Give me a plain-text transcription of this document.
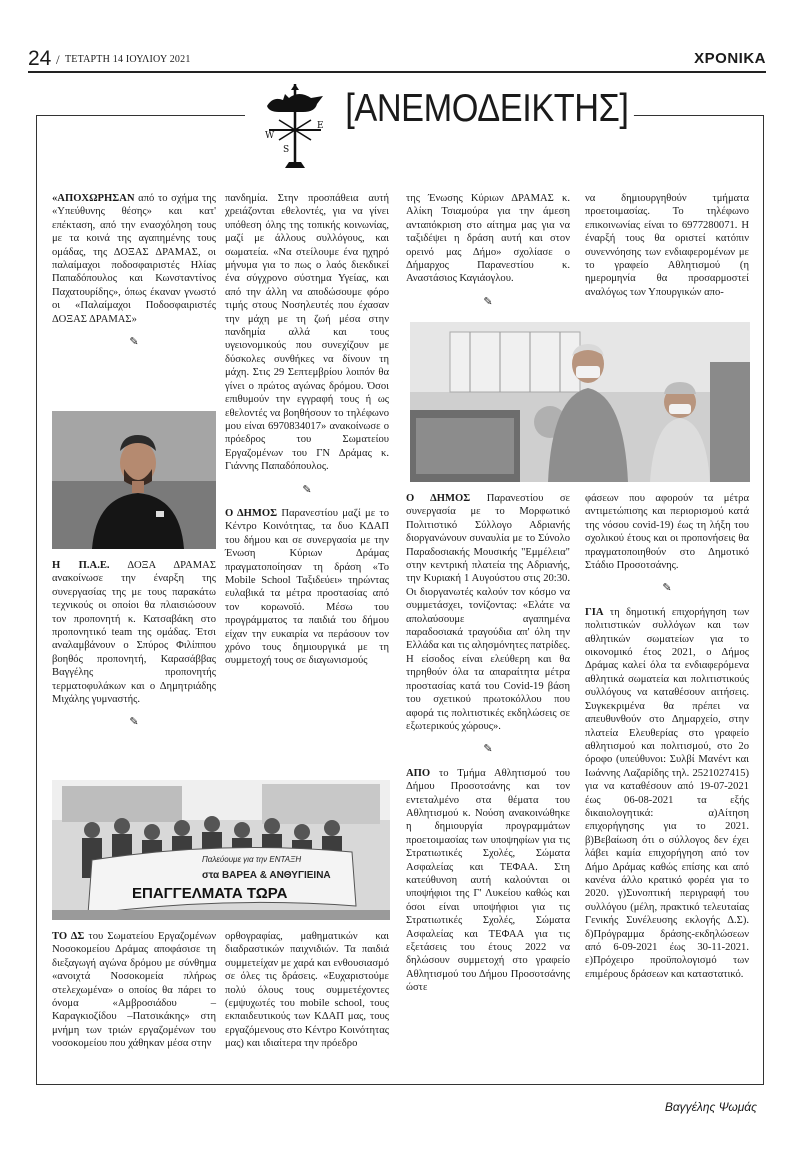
24 / ΤΕΤΑΡΤΗ 14 ΙΟΥΛΙΟΥ 2021	ΧΡΟΝΙΚΑ
W
E
S
[ΑΝΕΜΟΔΕΙΚΤΗΣ]

«ΑΠΟΧΩΡΗΣΑΝ από το σχήμα της «Υπεύθυνης θέσης» και κατ' επέκταση, από την ενασχόληση τους με τα κοινά της αγαπημένης τους ομάδας, της ΔΟΞΑΣ ΔΡΑΜΑΣ, οι παλαίμαχοι ποδοσφαιριστές Ηλίας Παπαδόπουλος και Κωνσταντίνος Παχατουρίδης», όπως έκαναν γνωστό οι «Παλαίμαχοι Ποδοσφαιριστές ΔΟΞΑΣ ΔΡΑΜΑΣ»

✎

Η Π.Α.Ε. ΔΟΞΑ ΔΡΑΜΑΣ ανακοίνωσε την έναρξη της συνεργασίας της με τους παρακάτω τεχνικούς οι οποίοι θα πλαισιώσουν τον προπονητή κ. Κατσαβάκη στο προπονητικό team της ομάδας. Έτσι αναλαμβάνουν ο Σπύρος Φιλίππου βοηθός προπονητή, Καρασάββας Βαγγέλης προπονητής τερματοφυλάκων και ο Δημητριάδης Μιχάλης γυμναστής.

✎

πανδημία. Στην προσπάθεια αυτή χρειάζονται εθελοντές, για να γίνει υπόθεση όλης της τοπικής κοινωνίας, μαζί με άλλους συλλόγους, και σωματεία. «Να στείλουμε ένα ηχηρό μήνυμα για το πως ο λαός διεκδικεί ένα σύγχρονο σύστημα Υγείας, και από την άλλη να αποδώσουμε φόρο τιμής στους Νοσηλευτές που έχασαν την μάχη με τη ζωή μέσα στην πανδημία αλλά και τους υγειονομικούς που συνεχίζουν με δύσκολες συνθήκες να δίνουν τη μάχη. Στις 29 Σεπτεμβρίου λοιπόν θα γίνει ο πρώτος αγώνας δρόμου. Όσοι επιθυμούν την εγγραφή τους ή ως εθελοντές να βοηθήσουν το τηλέφωνο μου είναι 6970834017» ανακοίνωσε ο πρόεδρος του Σωματείου Εργαζομένων του ΓΝ Δράμας κ. Γιάννης Παπαδόπουλος.

✎

Ο ΔΗΜΟΣ Παρανεστίου μαζί με το Κέντρο Κοινότητας, τα δυο ΚΔΑΠ του δήμου και σε συνεργασία με την Ένωση Κύριων Δράμας πραγματοποίησαν τη δράση «Το Mobile School Ταξιδεύει» τηρώντας ευλαβικά τα μέτρα προστασίας από τον κορωνοϊό. Μέσω του προγράμματος τα παιδιά του δήμου είχαν την ευκαιρία να περάσουν τον χρόνο τους δημιουργικά με τη συμμετοχή τους σε διαγωνισμούς

Παλεύουμε για την ΕΝΤΑΞΗ
στα ΒΑΡΕΑ & ΑΝΘΥΓΙΕΙΝΑ
ΕΠΑΓΓΕΛΜΑΤΑ ΤΩΡΑ

ΤΟ ΔΣ του Σωματείου Εργαζομένων Νοσοκομείου Δράμας αποφάσισε τη διεξαγωγή αγώνα δρόμου με σύνθημα «ανοιχτά Νοσοκομεία πλήρως στελεχωμένα» ο οποίος θα πάρει το όνομα «Αμβροσιάδου – Καραγκιοζίδου –Πατσικάκης» στη μνήμη των τριών εργαζομένων του νοσοκομείου που χάθηκαν μέσα στην

ορθογραφίας, μαθηματικών και διαδραστικών παιχνιδιών. Τα παιδιά συμμετείχαν με χαρά και ενθουσιασμό σε όλες τις δράσεις. «Ευχαριστούμε πολύ όλους τους συμμετέχοντες (εμψυχωτές του mobile school, τους εκπαιδευτικούς των ΚΔΑΠ μας, τους εργαζόμενους στο Κέντρο Κοινότητας μας) και ιδιαίτερα την πρόεδρο

της Ένωσης Κύριων ΔΡΑΜΑΣ κ. Αλίκη Τσιαμούρα για την άμεση ανταπόκριση στο αίτημα μας για να ταξιδέψει η δράση αυτή και στον ορεινό μας Δήμο» σχολίασε ο Δήμαρχος Παρανεστίου κ. Αναστάσιος Καγιάογλου.

✎

να δημιουργηθούν τμήματα προετοιμασίας. Το τηλέφωνο επικοινωνίας είναι το 6977280071. Η έναρξή τους θα οριστεί κατόπιν συνεννόησης των ενδιαφερομένων με το γραφείο Αθλητισμού (η ημερομηνία θα προσαρμοστεί αναλόγως των Υπουργικών απο-

Ο ΔΗΜΟΣ Παρανεστίου σε συνεργασία με το Μορφωτικό Πολιτιστικό Σύλλογο Αδριανής διοργανώνουν συναυλία με το Σύνολο Παραδοσιακής Μουσικής "Εμμέλεια" στην κεντρική πλατεία της Αδριανής, την Κυριακή 1 Αυγούστου στις 20:30. Οι διοργανωτές καλούν τον κόσμο να συμμετάσχει, τονίζοντας: «Ελάτε να απολαύσουμε αγαπημένα παραδοσιακά τραγούδια απ' όλη την Ελλάδα και τις αλησμόνητες πατρίδες. Η είσοδος είναι ελεύθερη και θα τηρηθούν όλα τα απαραίτητα μέτρα προστασίας κατά του Covid-19 βάση του σχετικού πρωτοκόλλου που αφορά τις πολιτιστικές εκδηλώσεις σε εξωτερικούς χώρους».

✎

ΑΠΟ το Τμήμα Αθλητισμού του Δήμου Προσοτσάνης και τον εντεταλμένο στα θέματα του Αθλητισμού κ. Νούση ανακοινώθηκε η δημιουργία προγραμμάτων προετοιμασίας των υποψηφίων για τις Στρατιωτικές Σχολές, Σώματα Ασφαλείας και ΤΕΦΑΑ. Στη κατεύθυνση αυτή καλούνται οι υποψήφιοι της Γ' Λυκείου καθώς και όσοι είναι υποψήφιοι για τις Στρατιωτικές Σχολές, Σώματα Ασφαλείας και ΤΕΦΑΑ για τις εξετάσεις του έτους 2022 να δηλώσουν συμμετοχή στο γραφείο Αθλητισμού του Δήμου Προσοτσάνης ώστε

φάσεων που αφορούν τα μέτρα αντιμετώπισης και περιορισμού κατά της νόσου covid-19) έως τη λήξη του σχολικού έτους και οι προπονήσεις θα πραγματοποιηθούν στο Δημοτικό Στάδιο Προσοτσάνης.

✎

ΓΙΑ τη δημοτική επιχορήγηση των πολιτιστικών συλλόγων και των αθλητικών σωματείων για το οικονομικό έτος 2021, ο Δήμος Δράμας καλεί όλα τα ενδιαφερόμενα αθλητικά σωματεία και πολιτιστικούς συλλόγους να καταθέσουν αιτήσεις. Συγκεκριμένα θα πρέπει να απευθυνθούν στο Δημαρχείο, στην πλατεία Ελευθερίας στο γραφείο αθλητισμού και πολιτισμού, στο 2ο όροφο (υπεύθυνοι: Συλβί Μανέντ και Ιωάννης Λαζαρίδης τηλ. 2521027415) για να καταθέσουν από 19-07-2021 έως 06-08-2021 τα εξής δικαιολογητικά: α)Αίτηση επιχορήγησης για το 2021. β)Βεβαίωση ότι ο σύλλογος δεν έχει λάβει καμία επιχορήγηση από τον Δήμο Δράμας καθώς επίσης και από κανένα άλλο κρατικό φορέα για το 2020. γ)Συνοπτική περιγραφή του συλλόγου (μέλη, πρακτικό τελευταίας Γενικής Συνέλευσης εκλογής Δ.Σ). δ)Πρόγραμμα δράσης-εκδηλώσεων από 6-09-2021 έως 30-11-2021. ε)Πρόχειρο προϋπολογισμό των επιμέρους δράσεων και καταστατικό.

Βαγγέλης Ψωμάς
